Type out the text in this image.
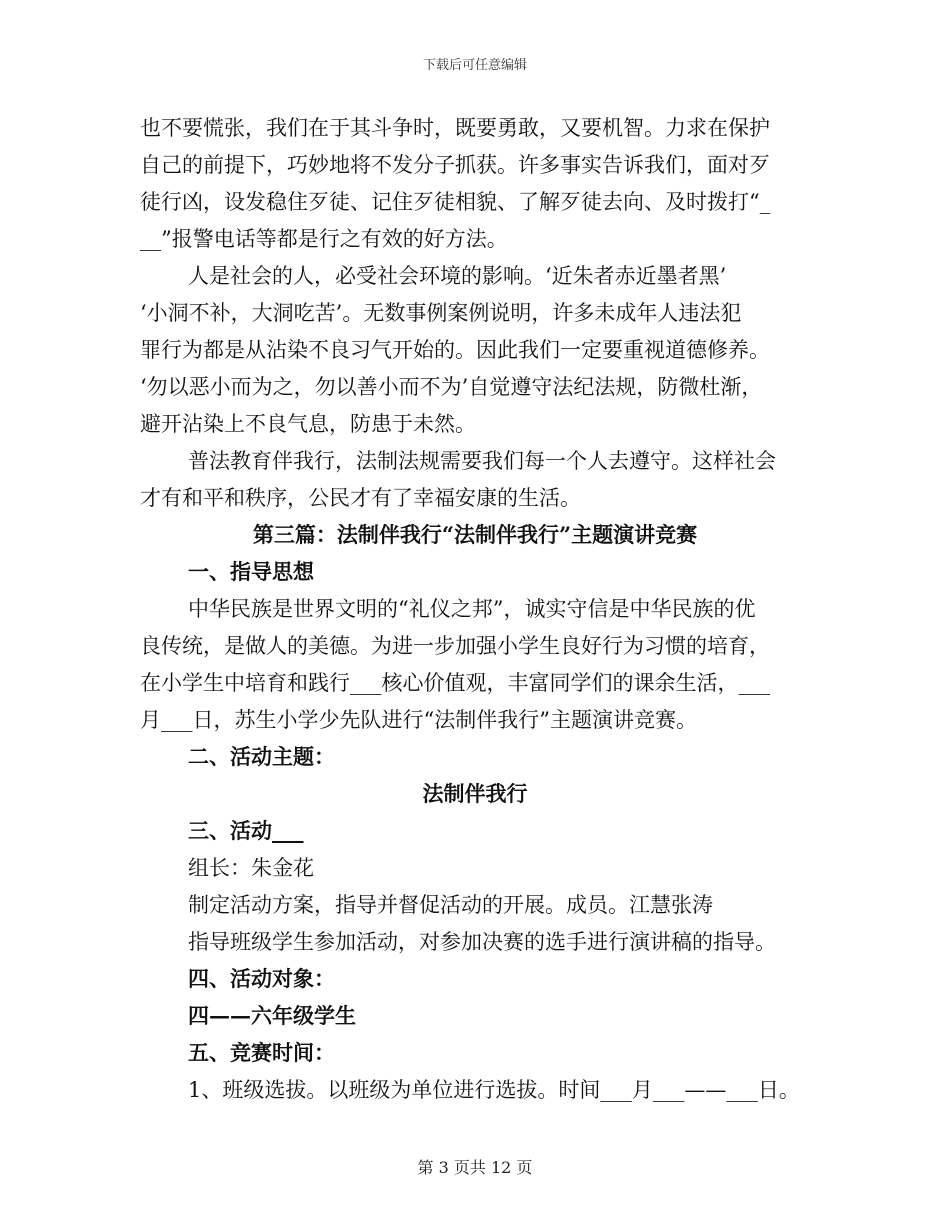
下载后可任意编辑
也不要慌张，我们在于其斗争时，既要勇敢，又要机智。力求在保护
自己的前提下，巧妙地将不发分子抓获。许多事实告诉我们，面对歹
徒行凶，设发稳住歹徒、记住歹徒相貌、了解歹徒去向、及时拨打“_
__”报警电话等都是行之有效的好方法。
人是社会的人，必受社会环境的影响。‘近朱者赤近墨者黑’
‘小洞不补，大洞吃苦’。无数事例案例说明，许多未成年人违法犯
罪行为都是从沾染不良习气开始的。因此我们一定要重视道德修养。
‘勿以恶小而为之，勿以善小而不为’自觉遵守法纪法规，防微杜渐，
避开沾染上不良气息，防患于未然。
普法教育伴我行，法制法规需要我们每一个人去遵守。这样社会
才有和平和秩序，公民才有了幸福安康的生活。
第三篇：法制伴我行“法制伴我行”主题演讲竞赛
一、指导思想
中华民族是世界文明的“礼仪之邦”，诚实守信是中华民族的优
良传统，是做人的美德。为进一步加强小学生良好行为习惯的培育，
在小学生中培育和践行___核心价值观，丰富同学们的课余生活，___
月___日，苏生小学少先队进行“法制伴我行”主题演讲竞赛。
二、活动主题：
法制伴我行
三、活动___
组长：朱金花
制定活动方案，指导并督促活动的开展。成员。江慧张涛
指导班级学生参加活动，对参加决赛的选手进行演讲稿的指导。
四、活动对象：
四——六年级学生
五、竞赛时间：
1、班级选拔。以班级为单位进行选拔。时间___月___——___日。
第 3 页共 12 页
